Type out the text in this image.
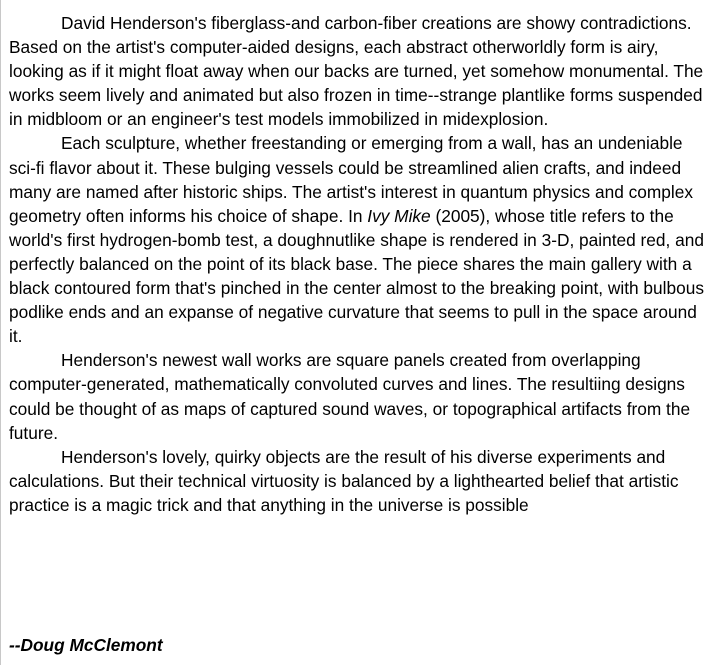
David Henderson's fiberglass-and carbon-fiber creations are showy contradictions. Based on the artist's computer-aided designs, each abstract otherworldly form is airy, looking as if it might float away when our backs are turned, yet somehow monumental. The works seem lively and animated but also frozen in time--strange plantlike forms suspended in midbloom or an engineer's test models immobilized in midexplosion.

Each sculpture, whether freestanding or emerging from a wall, has an undeniable sci-fi flavor about it. These bulging vessels could be streamlined alien crafts, and indeed many are named after historic ships. The artist's interest in quantum physics and complex geometry often informs his choice of shape. In Ivy Mike (2005), whose title refers to the world's first hydrogen-bomb test, a doughnutlike shape is rendered in 3-D, painted red, and perfectly balanced on the point of its black base. The piece shares the main gallery with a black contoured form that's pinched in the center almost to the breaking point, with bulbous podlike ends and an expanse of negative curvature that seems to pull in the space around it.

Henderson's newest wall works are square panels created from overlapping computer-generated, mathematically convoluted curves and lines. The resultiing designs could be thought of as maps of captured sound waves, or topographical artifacts from the future.

Henderson's lovely, quirky objects are the result of his diverse experiments and calculations. But their technical virtuosity is balanced by a lighthearted belief that artistic practice is a magic trick and that anything in the universe is possible

--Doug McClemont
